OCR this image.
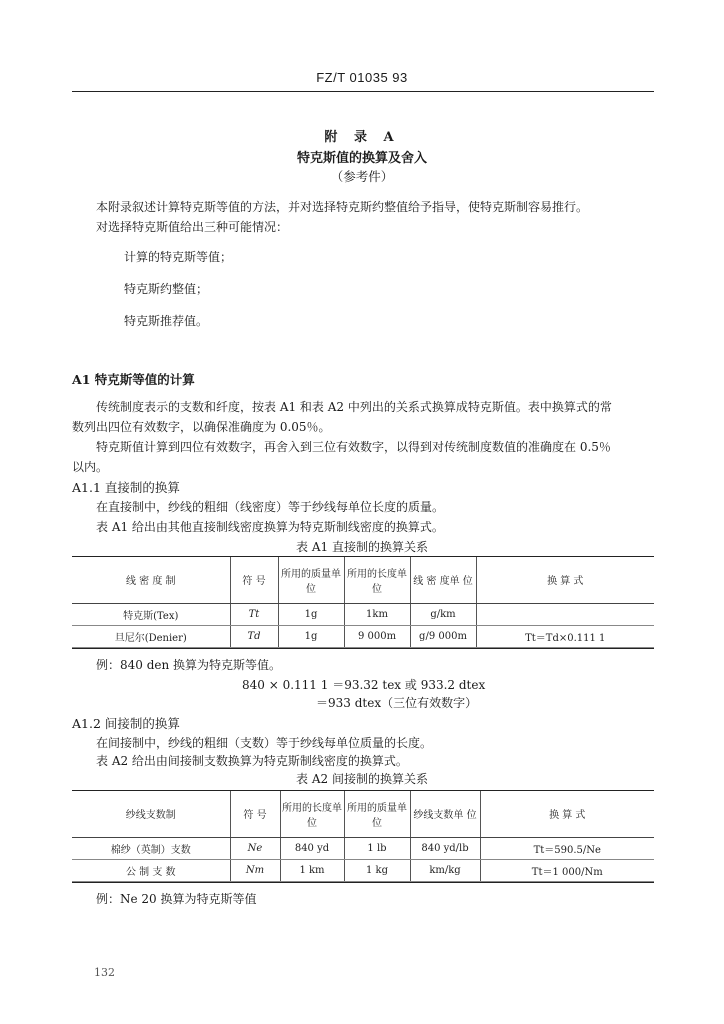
FZ/T 01035 93
附 录 A
特克斯值的换算及舍入
（参考件）
本附录叙述计算特克斯等值的方法，并对选择特克斯约整值给予指导，使特克斯制容易推行。
对选择特克斯值给出三种可能情况：
计算的特克斯等值；
特克斯约整值；
特克斯推荐值。
A1 特克斯等值的计算
传统制度表示的支数和纤度，按表 A1 和表 A2 中列出的关系式换算成特克斯值。表中换算式的常
数列出四位有效数字，以确保准确度为 0.05％。
特克斯值计算到四位有效数字，再舍入到三位有效数字，以得到对传统制度数值的准确度在 0.5％
以内。
A1.1 直接制的换算
在直接制中，纱线的粗细（线密度）等于纱线每单位长度的质量。
表 A1 给出由其他直接制线密度换算为特克斯制线密度的换算式。
表 A1 直接制的换算关系
线 密 度 制	符 号	所用的质量单位	所用的长度单位	线 密 度单 位	换 算 式
特克斯(Tex)	Tt	1g	1km	g/km	
旦尼尔(Denier)	Td	1g	9 000m	g/9 000m	Tt＝Td×0.111 1
例：840 den 换算为特克斯等值。
840 × 0.111 1 ＝93.32 tex 或 933.2 dtex
＝933 dtex（三位有效数字）
A1.2 间接制的换算
在间接制中，纱线的粗细（支数）等于纱线每单位质量的长度。
表 A2 给出由间接制支数换算为特克斯制线密度的换算式。
表 A2 间接制的换算关系
纱线支数制	符 号	所用的长度单位	所用的质量单位	纱线支数单 位	换 算 式
棉纱（英制）支数	Ne	840 yd	1 lb	840 yd/lb	Tt＝590.5/Ne
公 制 支 数	Nm	1 km	1 kg	km/kg	Tt＝1 000/Nm
例：Ne 20 换算为特克斯等值
132
